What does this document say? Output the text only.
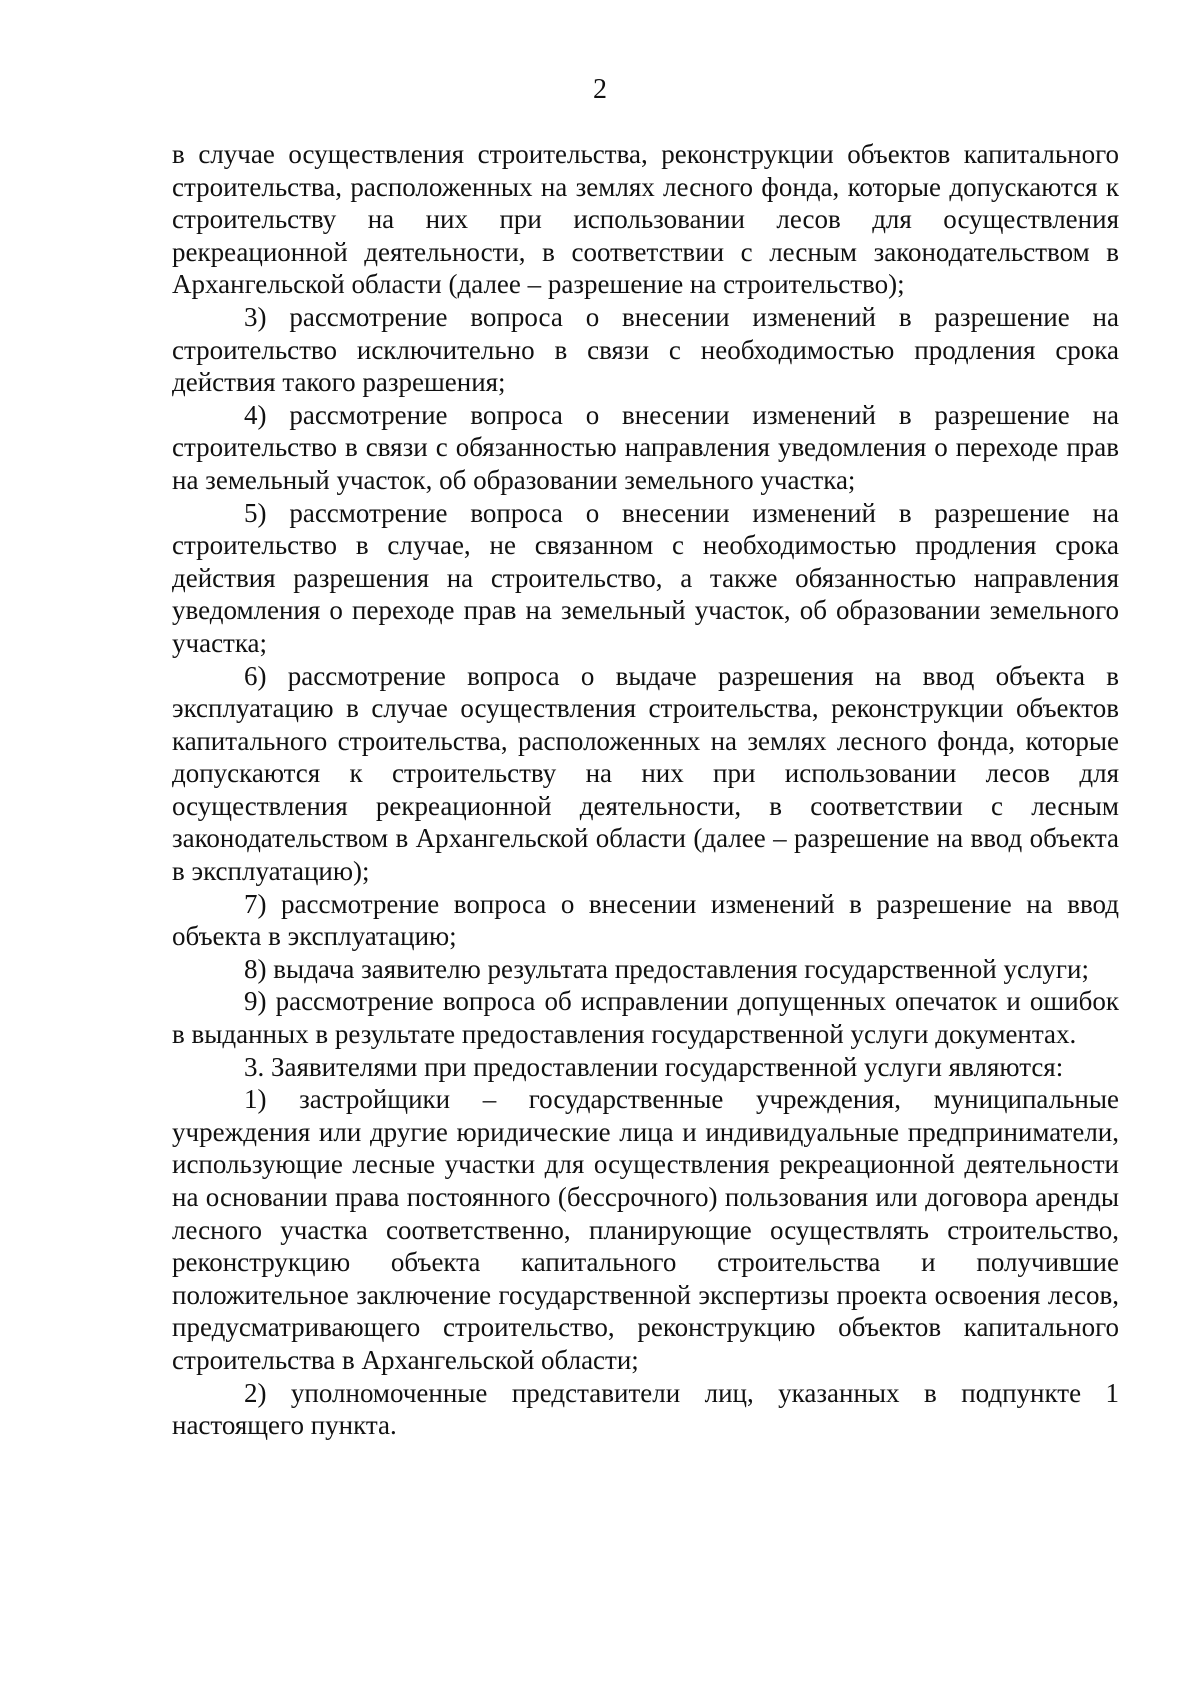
2

в случае осуществления строительства, реконструкции объектов капитального строительства, расположенных на землях лесного фонда, которые допускаются к строительству на них при использовании лесов для осуществления рекреационной деятельности, в соответствии с лесным законодательством в Архангельской области (далее – разрешение на строительство);

3) рассмотрение вопроса о внесении изменений в разрешение на строительство исключительно в связи с необходимостью продления срока действия такого разрешения;

4) рассмотрение вопроса о внесении изменений в разрешение на строительство в связи с обязанностью направления уведомления о переходе прав на земельный участок, об образовании земельного участка;

5) рассмотрение вопроса о внесении изменений в разрешение на строительство в случае, не связанном с необходимостью продления срока действия разрешения на строительство, а также обязанностью направления уведомления о переходе прав на земельный участок, об образовании земельного участка;

6) рассмотрение вопроса о выдаче разрешения на ввод объекта в эксплуатацию в случае осуществления строительства, реконструкции объектов капитального строительства, расположенных на землях лесного фонда, которые допускаются к строительству на них при использовании лесов для осуществления рекреационной деятельности, в соответствии с лесным законодательством в Архангельской области (далее – разрешение на ввод объекта в эксплуатацию);

7) рассмотрение вопроса о внесении изменений в разрешение на ввод объекта в эксплуатацию;

8) выдача заявителю результата предоставления государственной услуги;

9) рассмотрение вопроса об исправлении допущенных опечаток и ошибок в выданных в результате предоставления государственной услуги документах.

3. Заявителями при предоставлении государственной услуги являются:

1) застройщики – государственные учреждения, муниципальные учреждения или другие юридические лица и индивидуальные предприниматели, использующие лесные участки для осуществления рекреационной деятельности на основании права постоянного (бессрочного) пользования или договора аренды лесного участка соответственно, планирующие осуществлять строительство, реконструкцию объекта капитального строительства и получившие положительное заключение государственной экспертизы проекта освоения лесов, предусматривающего строительство, реконструкцию объектов капитального строительства в Архангельской области;

2) уполномоченные представители лиц, указанных в подпункте 1 настоящего пункта.
